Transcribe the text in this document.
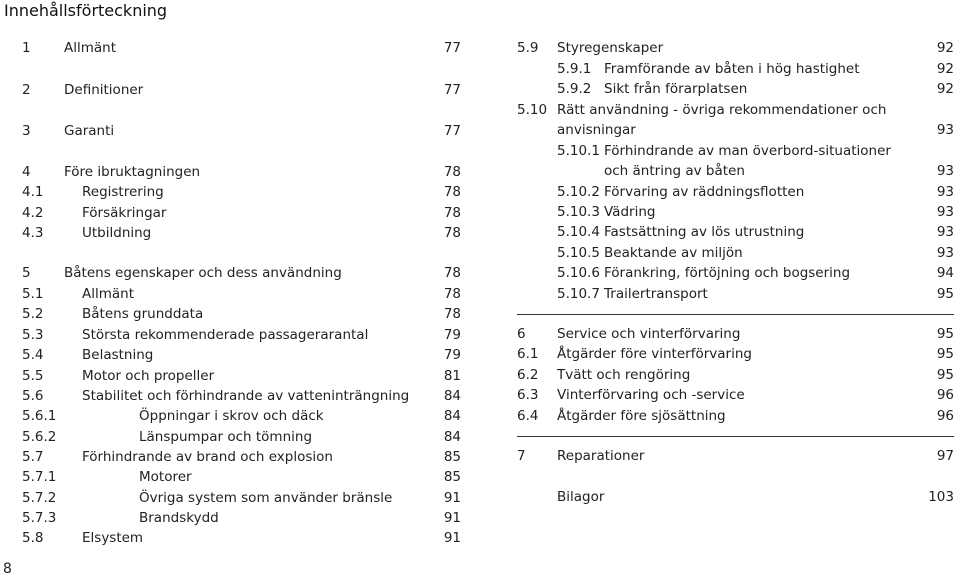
Innehållsförteckning
1 Allmänt	77
2 Definitioner	77
3 Garanti	77
4 Före ibruktagningen	78
4.1	Registrering	78
4.2	Försäkringar	78
4.3	Utbildning	78
5 Båtens egenskaper och dess användning	78
5.1	Allmänt	78
5.2	Båtens grunddata	78
5.3	Största rekommenderade passagerarantal	79
5.4	Belastning	79
5.5	Motor och propeller	81
5.6	Stabilitet och förhindrande av vatteninträngning	84
5.6.1	Öppningar i skrov och däck	84
5.6.2	Länspumpar och tömning	84
5.7	Förhindrande av brand och explosion	85
5.7.1	Motorer	85
5.7.2	Övriga system som använder bränsle	91
5.7.3	Brandskydd	91
5.8	Elsystem	91
5.9 Styregenskaper	92
5.9.1 Framförande av båten i hög hastighet	92
5.9.2 Sikt från förarplatsen	92
5.10 Rätt användning - övriga rekommendationer och
anvisningar	93
5.10.1 Förhindrande av man överbord-situationer
och äntring av båten	93
5.10.2 Förvaring av räddningsflotten	93
5.10.3 Vädring	93
5.10.4 Fastsättning av lös utrustning	93
5.10.5 Beaktande av miljön	93
5.10.6 Förankring, förtöjning och bogsering	94
5.10.7 Trailertransport	95
6 Service och vinterförvaring	95
6.1 Åtgärder före vinterförvaring	95
6.2 Tvätt och rengöring	95
6.3 Vinterförvaring och -service	96
6.4 Åtgärder före sjösättning	96
7 Reparationer	97
Bilagor	103
8
